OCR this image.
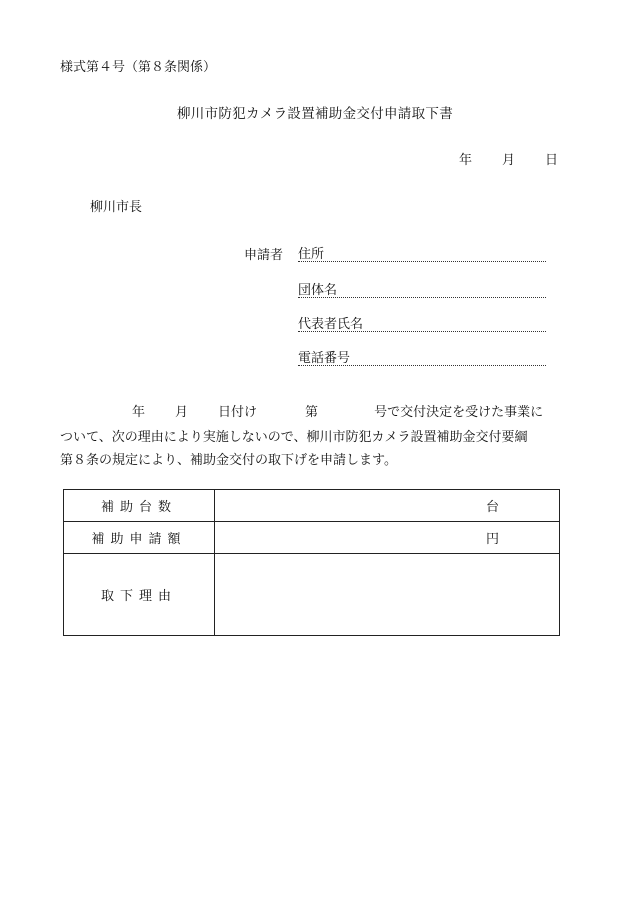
様式第４号（第８条関係）
柳川市防犯カメラ設置補助金交付申請取下書
年 月 日
柳川市長
申請者 住所
団体名
代表者氏名
電話番号
年 月 日付け	第	号で交付決定を受けた事業に
ついて、次の理由により実施しないので、柳川市防犯カメラ設置補助金交付要綱
第８条の規定により、補助金交付の取下げを申請します。
補助台数	台
補助申請額	円
取下理由	
